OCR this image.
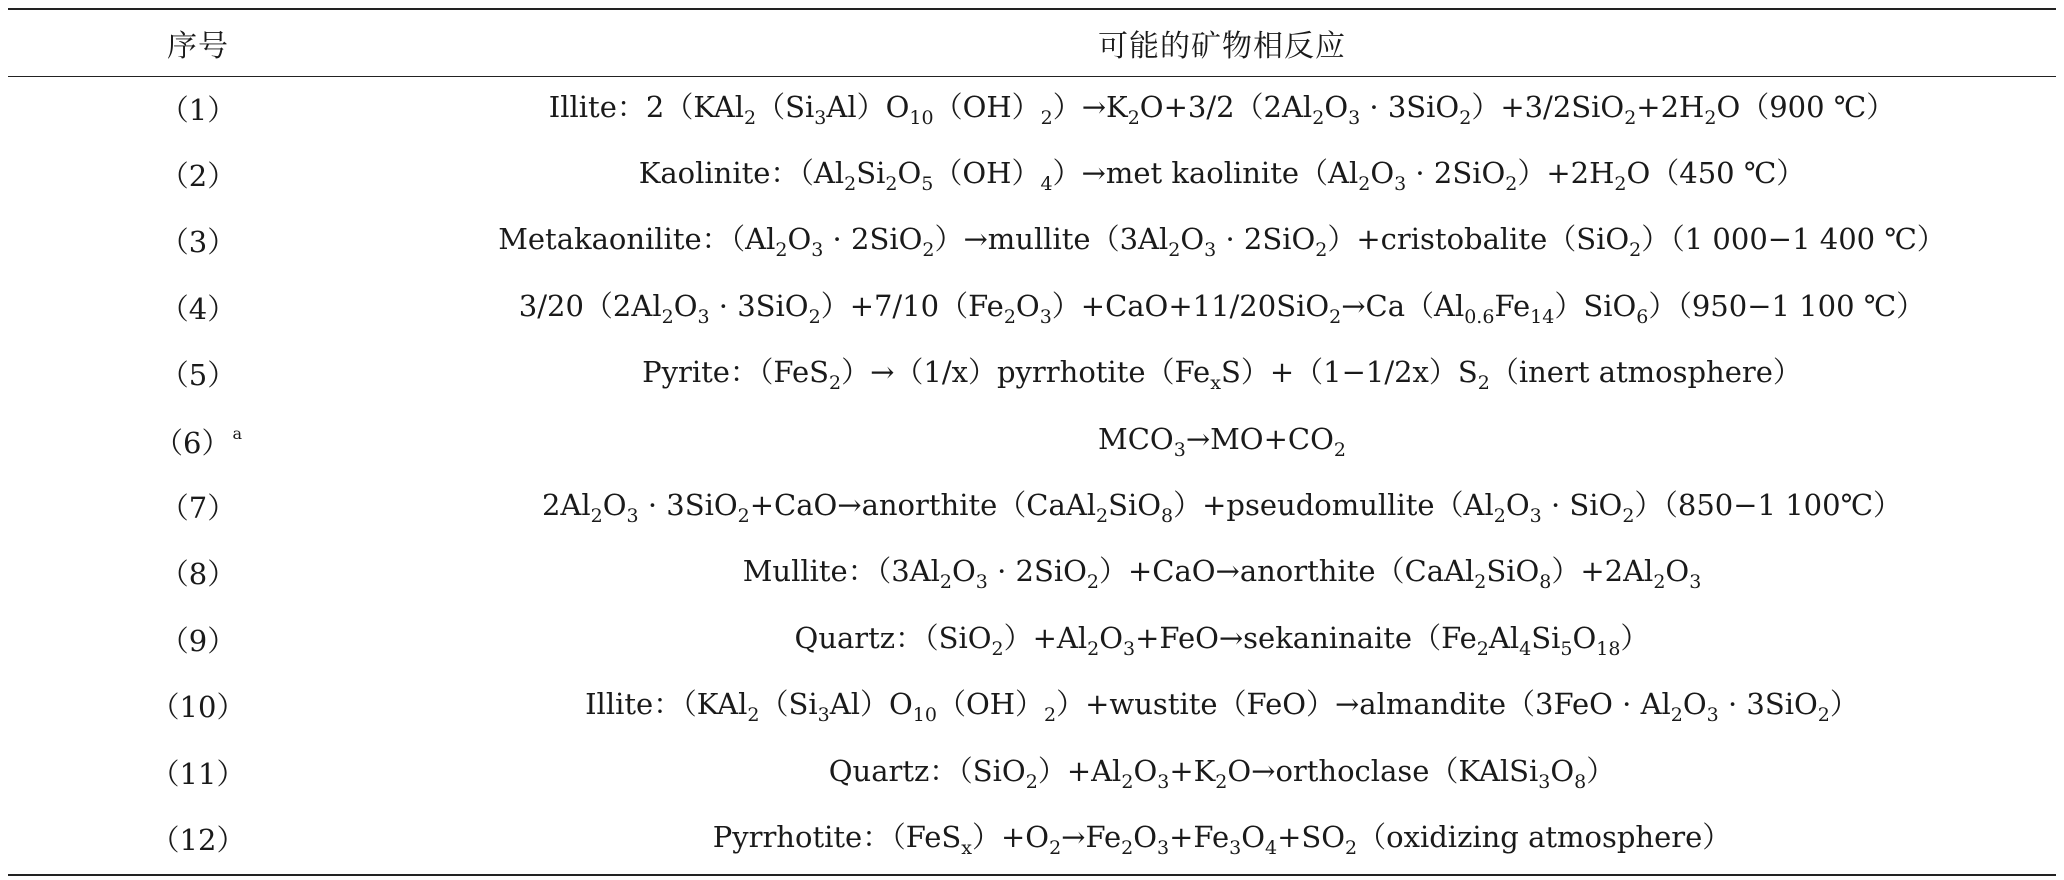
序号	可能的矿物相反应
（1）	Illite：$2(KAl_2(Si_3Al)O_{10}(OH)_2)\to K_2O+3/2(2Al_2O_3 \cdot 3SiO_2)+3/2SiO_2+2H_2O(900$ ℃）
（2）	Kaolinite：$(Al_2Si_2O_5(OH)_4)\to met$ $kaolinite(Al_2O_3 \cdot 2SiO_2)+2H_2O(450$ ℃）
（3）	Metakaonilite：（$Al_2O_3$ · $2SiO_2)\to mullite(3Al_2O_3$ · 2SiO$_2$）+cristobalite（SiO$_2$）（1 000−1 400 ℃）
（4）	$3/20(2Al_2O_3 \cdot 3SiO_2)+7/10(Fe_2O_3)+CaO+11/20SiO_2\to Ca(Al_{0.6}Fe_{14})SiO_6)(950-1$ 100 ℃）
（5）	Pyrite：$(FeS_2)\to(1/x)pyrrhotite(Fe_xS)+(1-1/2x)S_2(inert$ atmosphere）
（6） $^a$	$MCO_3\to MO+CO_2$
（7）	$2Al_2O_3$ · $3SiO_2+CaO\to anorthite(CaAl_2SiO_8)+pseudomullite(Al_2O_3 \cdot SiO_2)(850-1$ 100℃）
（8）	Mullite：（$3Al_2O_3$ · $2SiO_2)+CaO\to anorthite(CaAl_2SiO_8)+2Al_2O_3$
（9）	Quartz：$(SiO_2)+Al_2O_3+FeO\to sekaninaite(Fe_2Al_4Si_5O_{18})$
（10）	Illite：$(KAl_2(Si_3Al)O_{10}(OH)_2)+wustite(FeO)\to almandite(3FeO \cdot Al_2O_3 \cdot 3SiO_2)$
（11）	Quartz：$(SiO_2)+Al_2O_3+K_2O\to orthoclase(KAlSi_3O_8)$
（12）	Pyrrhotite：$(FeS_x)+O_2\to Fe_2O_3+Fe_3O_4+SO_2(oxidizing$ atmosphere）
